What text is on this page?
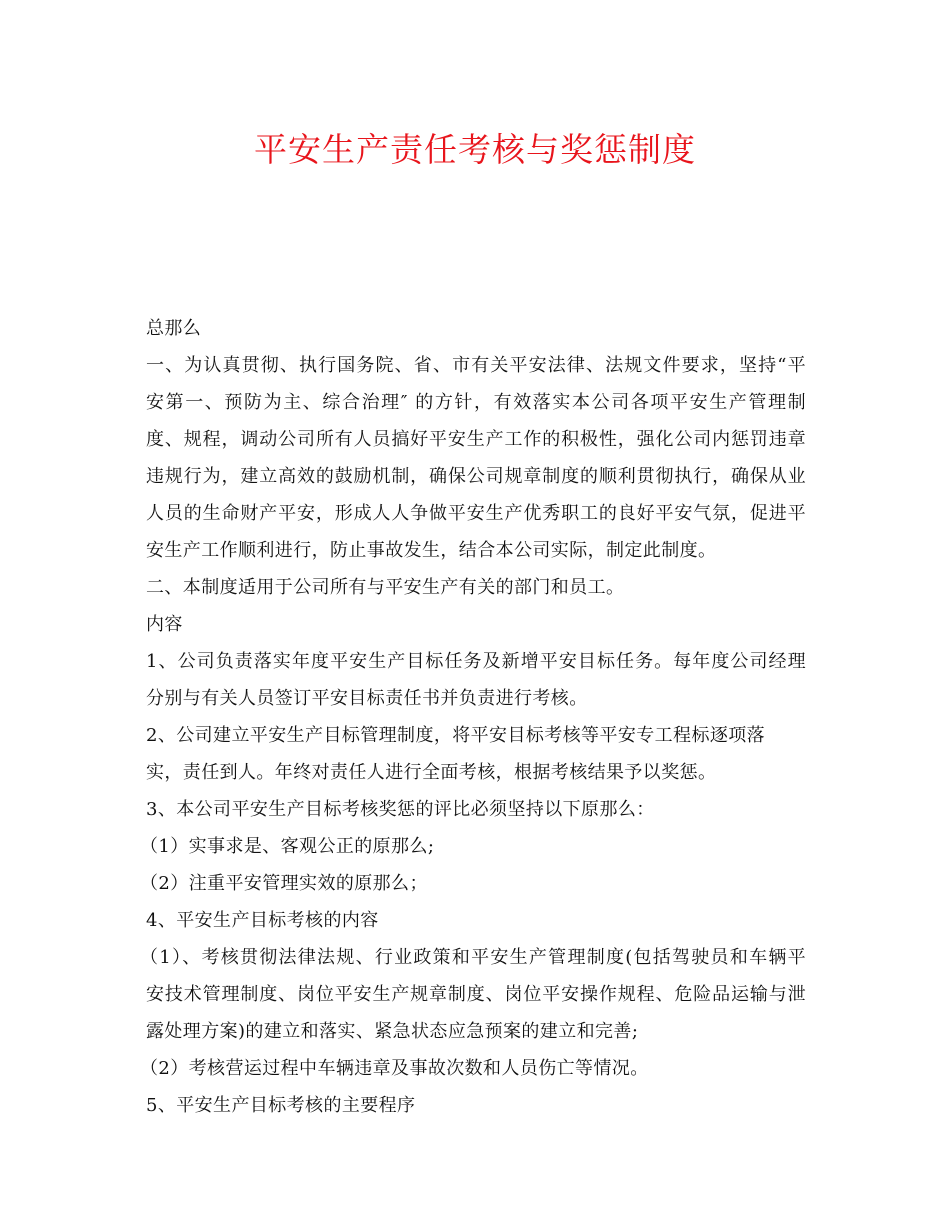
平安生产责任考核与奖惩制度
总那么
一、为认真贯彻、执行国务院、省、市有关平安法律、法规文件要求，坚持“平
安第一、预防为主、综合治理″ 的方针，有效落实本公司各项平安生产管理制
度、规程，调动公司所有人员搞好平安生产工作的积极性，强化公司内惩罚违章
违规行为，建立高效的鼓励机制，确保公司规章制度的顺利贯彻执行，确保从业
人员的生命财产平安，形成人人争做平安生产优秀职工的良好平安气氛，促进平
安生产工作顺利进行，防止事故发生，结合本公司实际，制定此制度。
二、本制度适用于公司所有与平安生产有关的部门和员工。
内容
1、公司负责落实年度平安生产目标任务及新增平安目标任务。每年度公司经理
分别与有关人员签订平安目标责任书并负责进行考核。
2、公司建立平安生产目标管理制度，将平安目标考核等平安专工程标逐项落
实，责任到人。年终对责任人进行全面考核，根据考核结果予以奖惩。
3、本公司平安生产目标考核奖惩的评比必须坚持以下原那么：
（1）实事求是、客观公正的原那么;
（2）注重平安管理实效的原那么；
4、平安生产目标考核的内容
（1）、考核贯彻法律法规、行业政策和平安生产管理制度(包括驾驶员和车辆平
安技术管理制度、岗位平安生产规章制度、岗位平安操作规程、危险品运输与泄
露处理方案)的建立和落实、紧急状态应急预案的建立和完善;
（2）考核营运过程中车辆违章及事故次数和人员伤亡等情况。
5、平安生产目标考核的主要程序
